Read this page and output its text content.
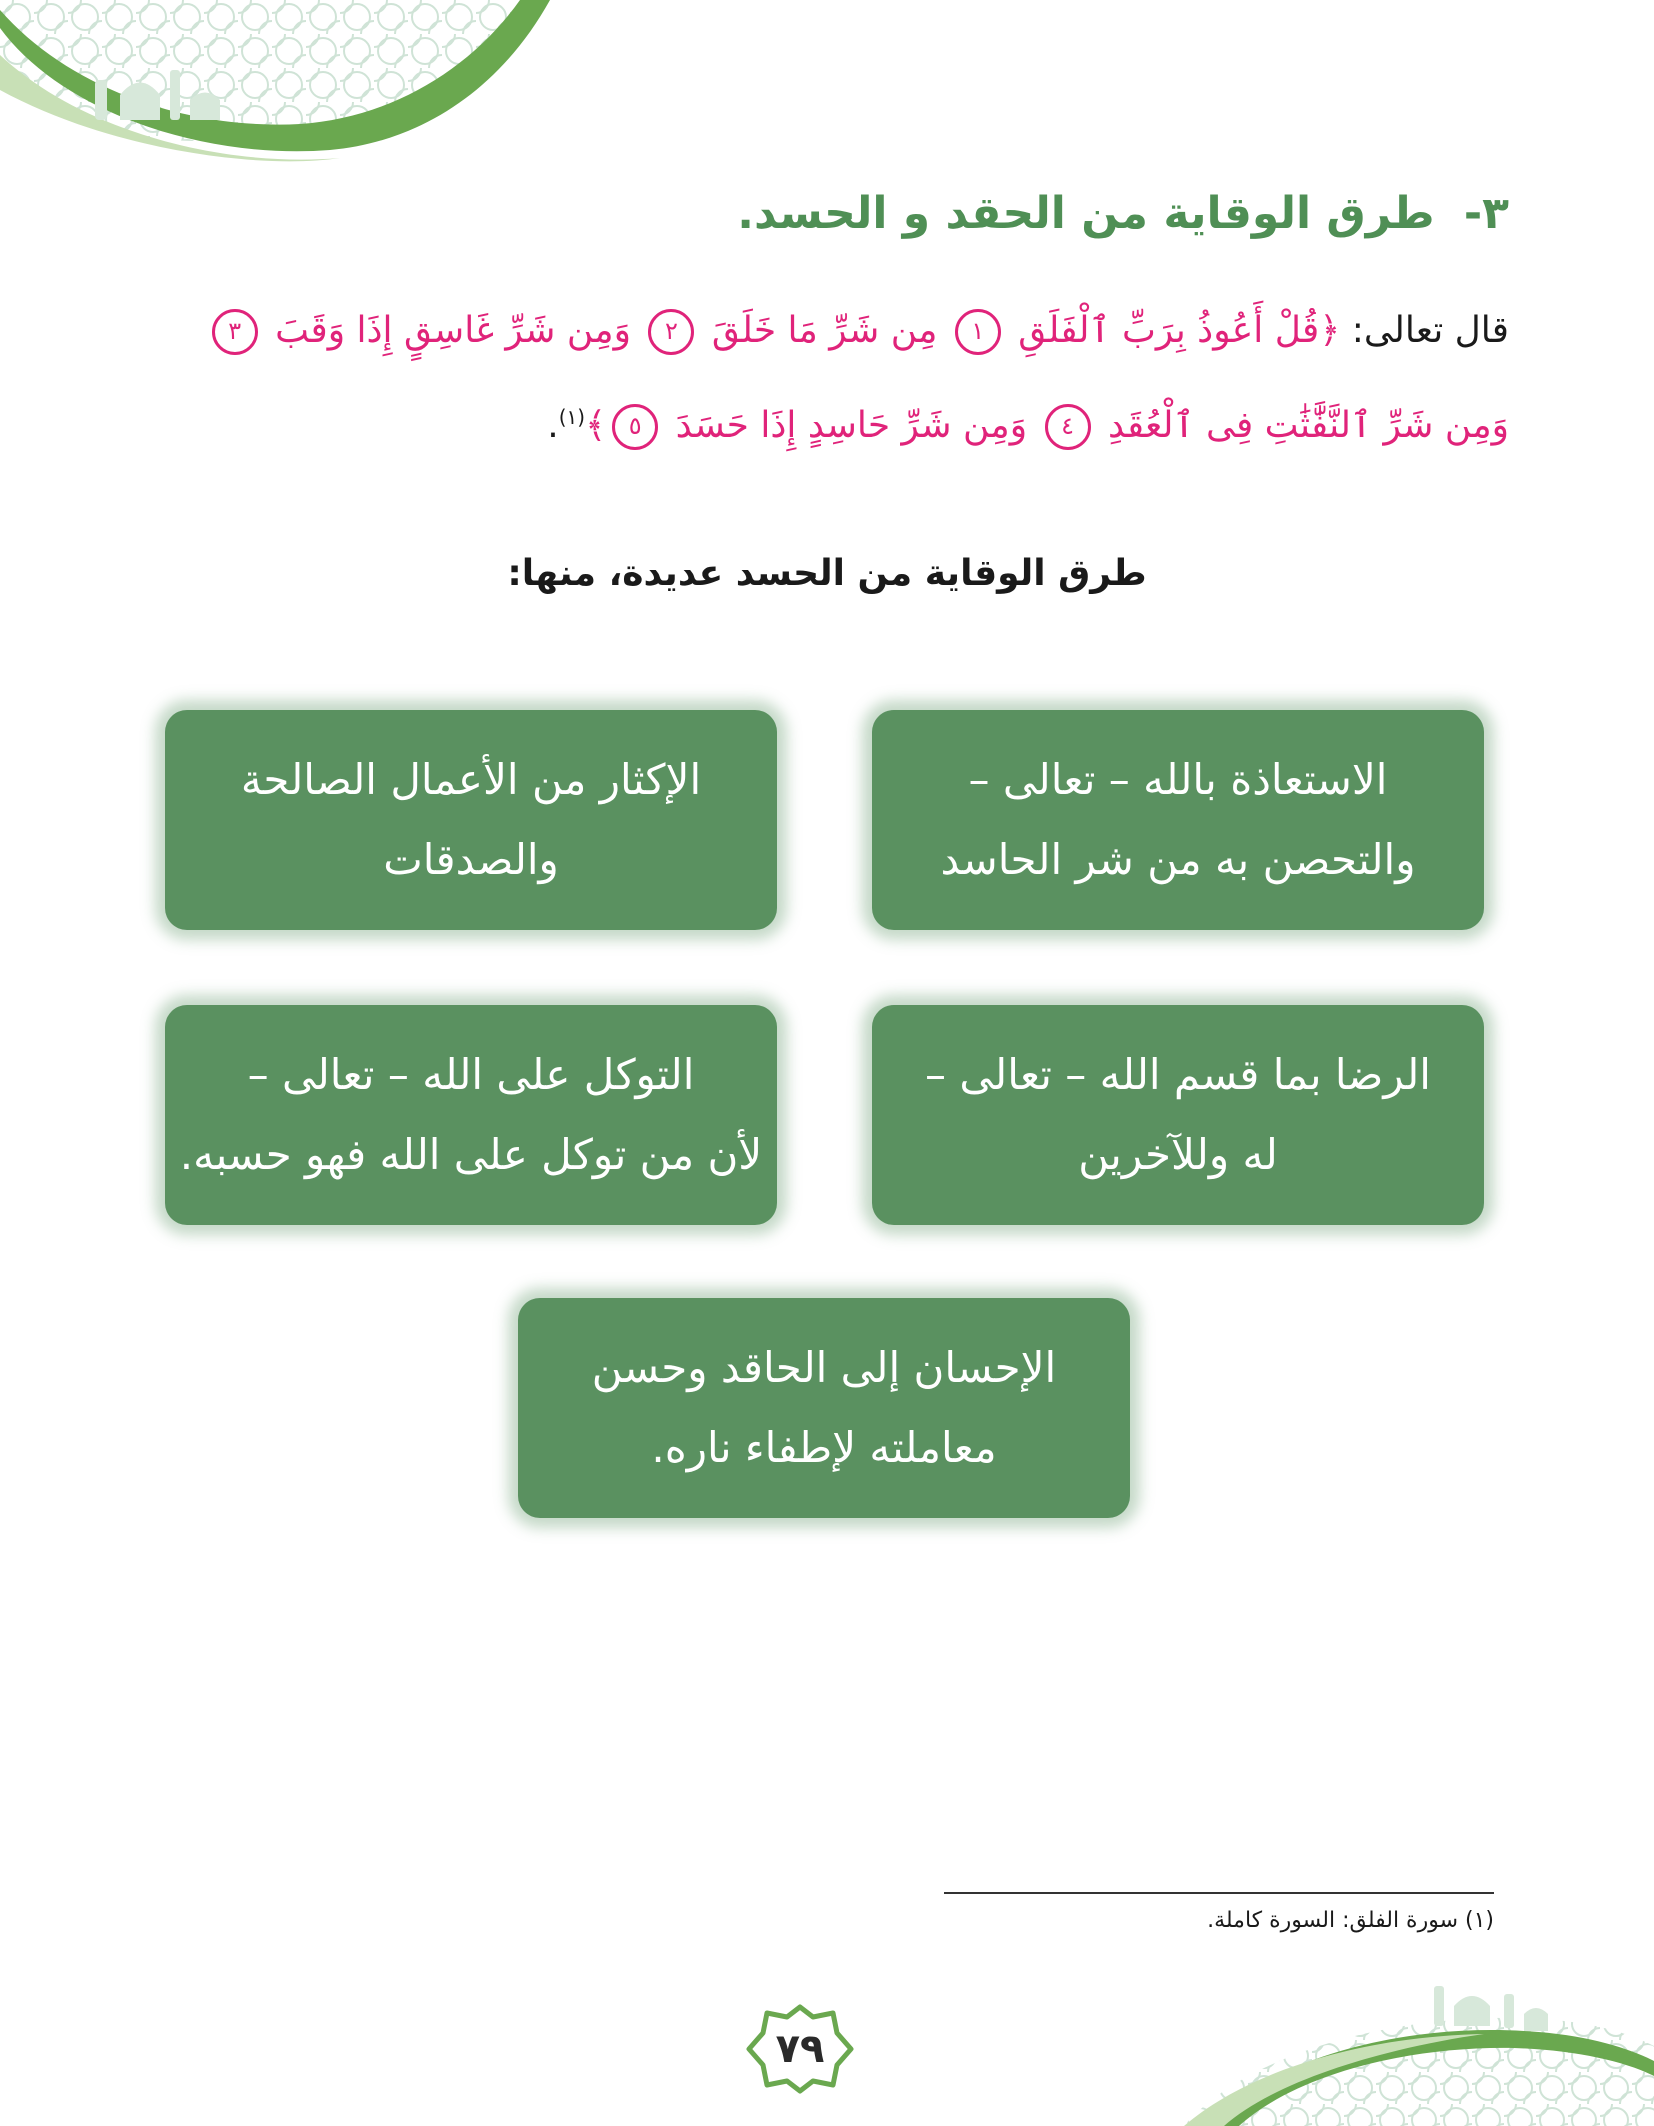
٣- طرق الوقاية من الحقد و الحسد.
قال تعالى: ﴿قُلْ أَعُوذُ بِرَبِّ ٱلْفَلَقِ ١ مِن شَرِّ مَا خَلَقَ ٢ وَمِن شَرِّ غَاسِقٍ إِذَا وَقَبَ ٣ وَمِن شَرِّ ٱلنَّفَّٰثَٰتِ فِى ٱلْعُقَدِ ٤ وَمِن شَرِّ حَاسِدٍ إِذَا حَسَدَ ٥﴾$^{(١)}$.
طرق الوقاية من الحسد عديدة، منها:
الاستعاذة بالله – تعالى –
والتحصن به من شر الحاسد
الإكثار من الأعمال الصالحة
والصدقات
الرضا بما قسم الله – تعالى –
له وللآخرين
التوكل على الله – تعالى –
لأن من توكل على الله فهو حسبه.
الإحسان إلى الحاقد وحسن
معاملته لإطفاء ناره.
(١) سورة الفلق: السورة كاملة.
٧٩
